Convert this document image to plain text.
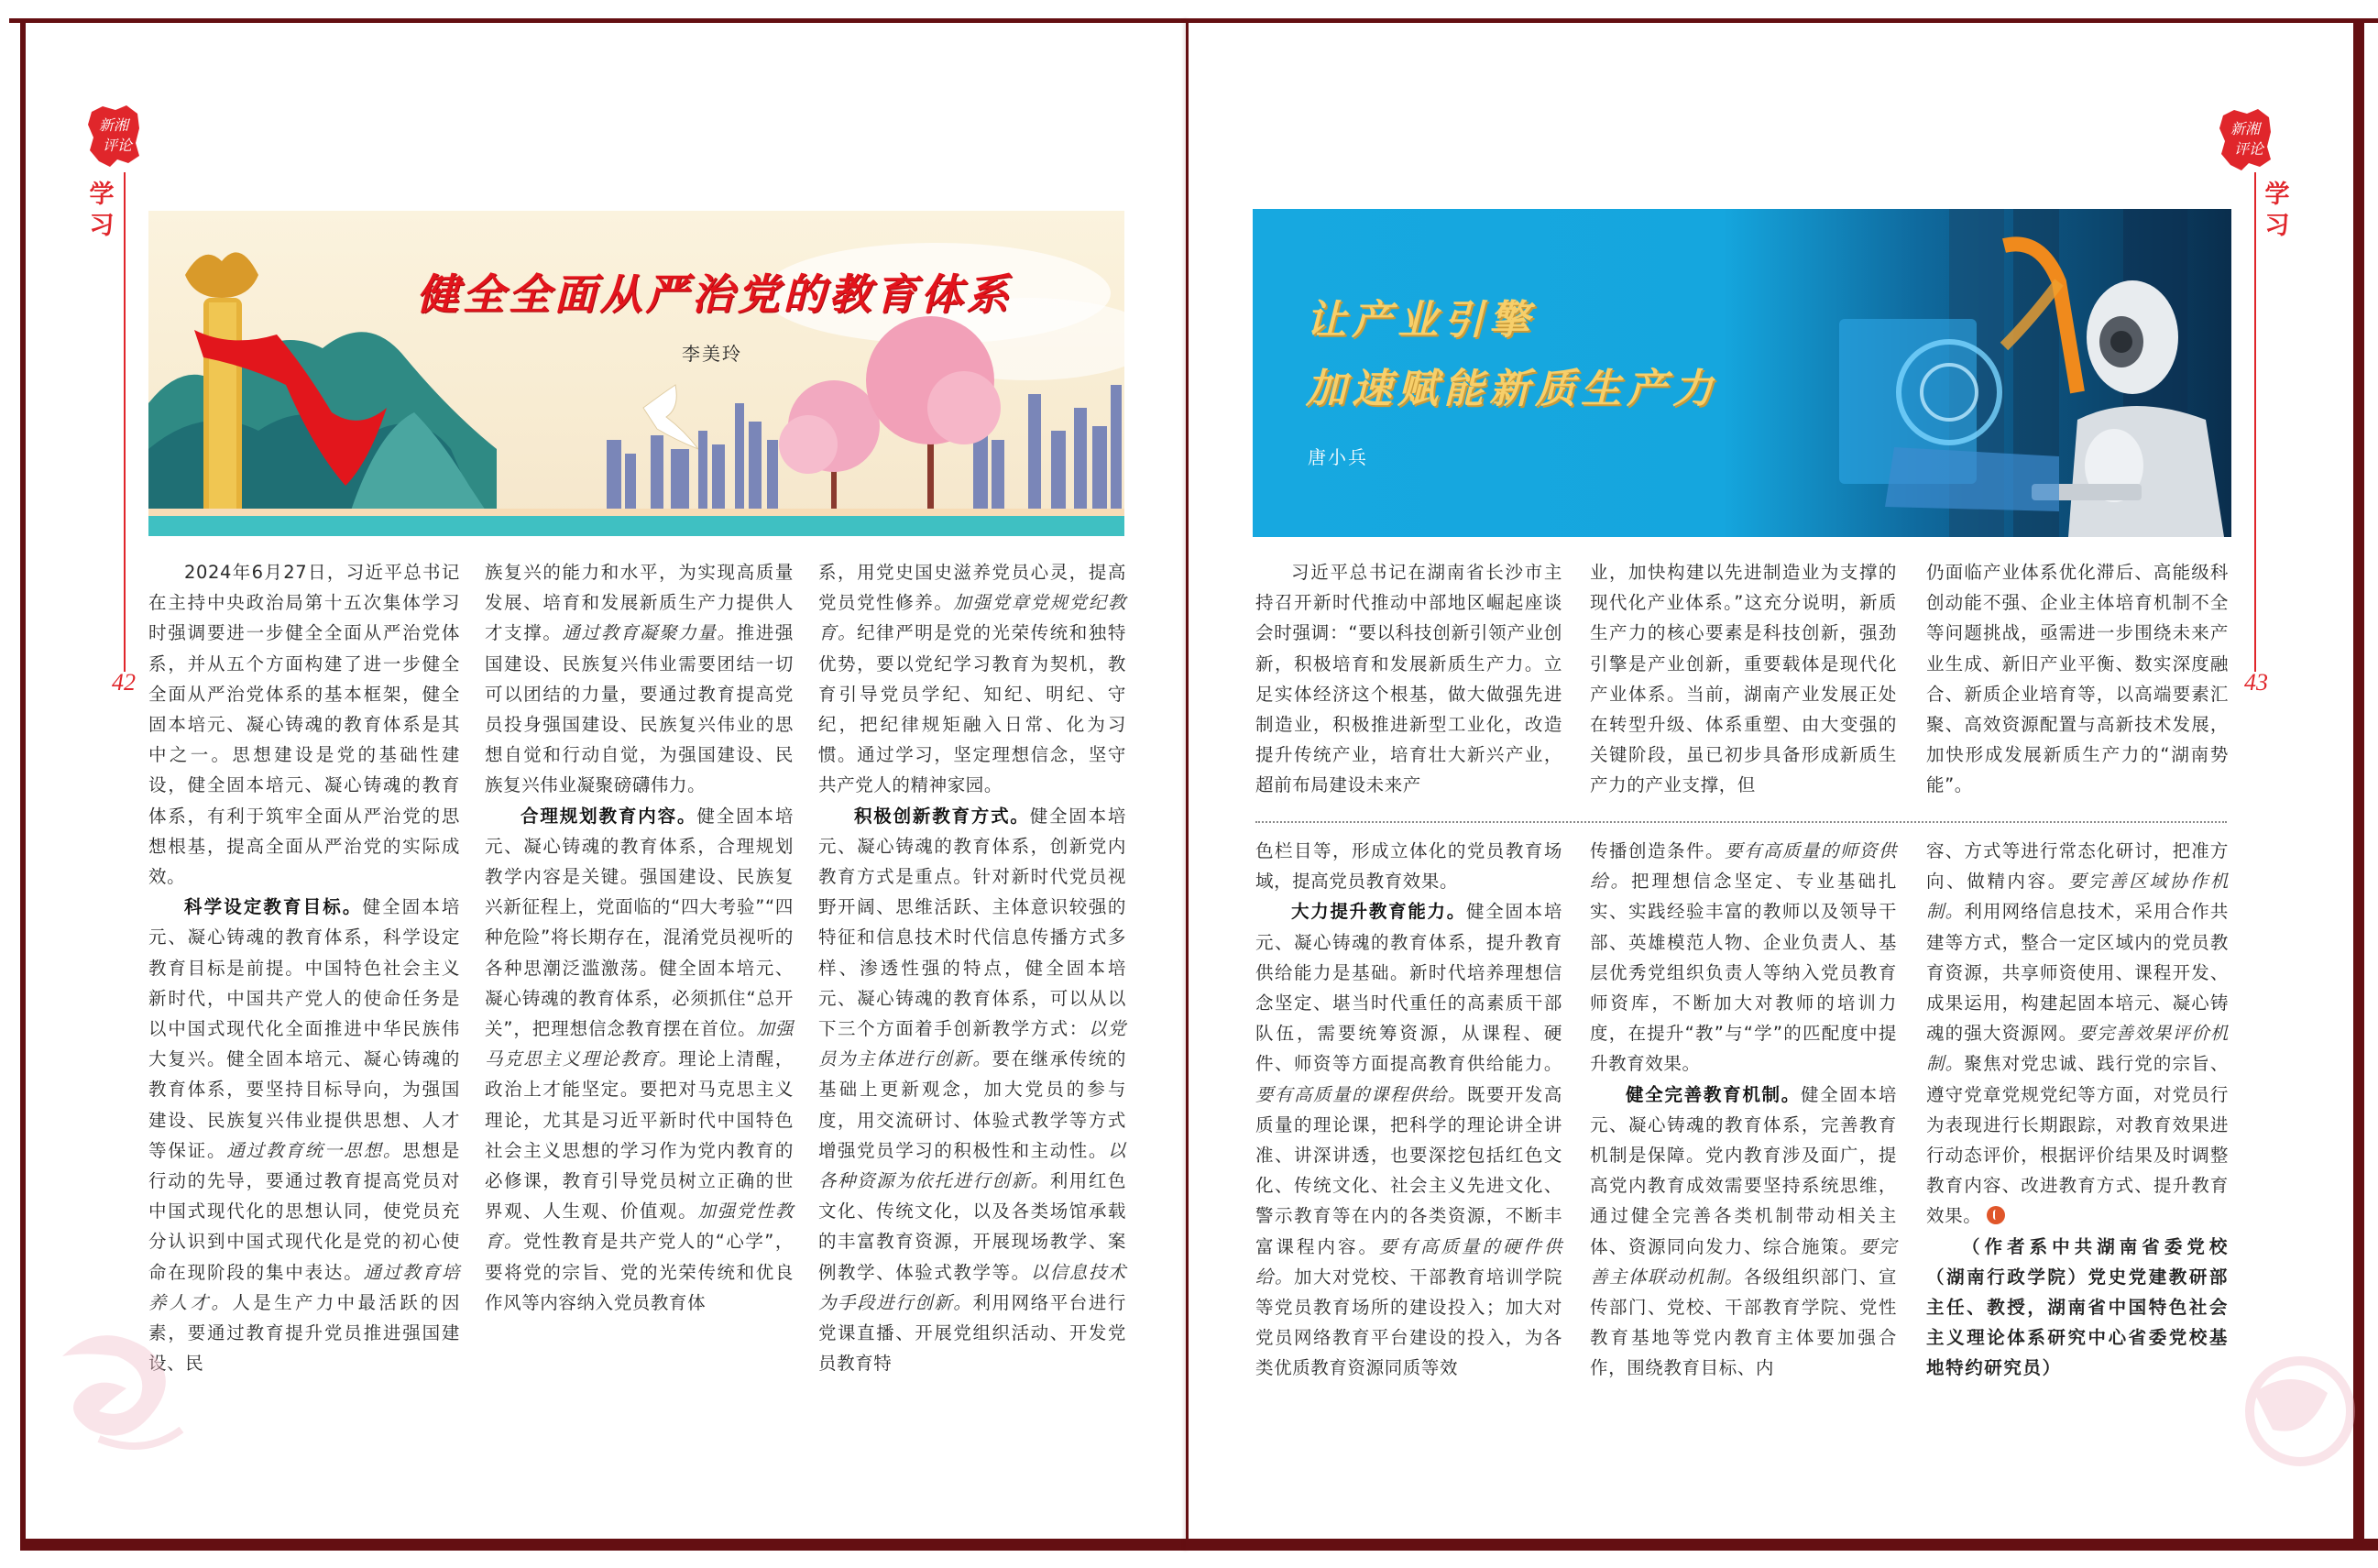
新湘
评论
学
习
42
新湘
评论
学
习
43
健全全面从严治党的教育体系
李美玲
让产业引擎
加速赋能新质生产力
唐小兵

2024年6月27日，习近平总书记在主持中央政治局第十五次集体学习时强调要进一步健全全面从严治党体系，并从五个方面构建了进一步健全全面从严治党体系的基本框架，健全固本培元、凝心铸魂的教育体系是其中之一。思想建设是党的基础性建设，健全固本培元、凝心铸魂的教育体系，有利于筑牢全面从严治党的思想根基，提高全面从严治党的实际成效。

科学设定教育目标。健全固本培元、凝心铸魂的教育体系，科学设定教育目标是前提。中国特色社会主义新时代，中国共产党人的使命任务是以中国式现代化全面推进中华民族伟大复兴。健全固本培元、凝心铸魂的教育体系，要坚持目标导向，为强国建设、民族复兴伟业提供思想、人才等保证。通过教育统一思想。思想是行动的先导，要通过教育提高党员对中国式现代化的思想认同，使党员充分认识到中国式现代化是党的初心使命在现阶段的集中表达。通过教育培养人才。人是生产力中最活跃的因素，要通过教育提升党员推进强国建设、民

族复兴的能力和水平，为实现高质量发展、培育和发展新质生产力提供人才支撑。通过教育凝聚力量。推进强国建设、民族复兴伟业需要团结一切可以团结的力量，要通过教育提高党员投身强国建设、民族复兴伟业的思想自觉和行动自觉，为强国建设、民族复兴伟业凝聚磅礴伟力。

合理规划教育内容。健全固本培元、凝心铸魂的教育体系，合理规划教学内容是关键。强国建设、民族复兴新征程上，党面临的“四大考验”“四种危险”将长期存在，混淆党员视听的各种思潮泛滥激荡。健全固本培元、凝心铸魂的教育体系，必须抓住“总开关”，把理想信念教育摆在首位。加强马克思主义理论教育。理论上清醒，政治上才能坚定。要把对马克思主义理论，尤其是习近平新时代中国特色社会主义思想的学习作为党内教育的必修课，教育引导党员树立正确的世界观、人生观、价值观。加强党性教育。党性教育是共产党人的“心学”，要将党的宗旨、党的光荣传统和优良作风等内容纳入党员教育体

系，用党史国史滋养党员心灵，提高党员党性修养。加强党章党规党纪教育。纪律严明是党的光荣传统和独特优势，要以党纪学习教育为契机，教育引导党员学纪、知纪、明纪、守纪，把纪律规矩融入日常、化为习惯。通过学习，坚定理想信念，坚守共产党人的精神家园。

积极创新教育方式。健全固本培元、凝心铸魂的教育体系，创新党内教育方式是重点。针对新时代党员视野开阔、思维活跃、主体意识较强的特征和信息技术时代信息传播方式多样、渗透性强的特点，健全固本培元、凝心铸魂的教育体系，可以从以下三个方面着手创新教学方式：以党员为主体进行创新。要在继承传统的基础上更新观念，加大党员的参与度，用交流研讨、体验式教学等方式增强党员学习的积极性和主动性。以各种资源为依托进行创新。利用红色文化、传统文化，以及各类场馆承载的丰富教育资源，开展现场教学、案例教学、体验式教学等。以信息技术为手段进行创新。利用网络平台进行党课直播、开展党组织活动、开发党员教育特

习近平总书记在湖南省长沙市主持召开新时代推动中部地区崛起座谈会时强调：“要以科技创新引领产业创新，积极培育和发展新质生产力。立足实体经济这个根基，做大做强先进制造业，积极推进新型工业化，改造提升传统产业，培育壮大新兴产业，超前布局建设未来产

业，加快构建以先进制造业为支撑的现代化产业体系。”这充分说明，新质生产力的核心要素是科技创新，强劲引擎是产业创新，重要载体是现代化产业体系。当前，湖南产业发展正处在转型升级、体系重塑、由大变强的关键阶段，虽已初步具备形成新质生产力的产业支撑，但

仍面临产业体系优化滞后、高能级科创动能不强、企业主体培育机制不全等问题挑战，亟需进一步围绕未来产业生成、新旧产业平衡、数实深度融合、新质企业培育等，以高端要素汇聚、高效资源配置与高新技术发展，加快形成发展新质生产力的“湖南势能”。

色栏目等，形成立体化的党员教育场域，提高党员教育效果。

大力提升教育能力。健全固本培元、凝心铸魂的教育体系，提升教育供给能力是基础。新时代培养理想信念坚定、堪当时代重任的高素质干部队伍，需要统筹资源，从课程、硬件、师资等方面提高教育供给能力。要有高质量的课程供给。既要开发高质量的理论课，把科学的理论讲全讲准、讲深讲透，也要深挖包括红色文化、传统文化、社会主义先进文化、警示教育等在内的各类资源，不断丰富课程内容。要有高质量的硬件供给。加大对党校、干部教育培训学院等党员教育场所的建设投入；加大对党员网络教育平台建设的投入，为各类优质教育资源同质等效

传播创造条件。要有高质量的师资供给。把理想信念坚定、专业基础扎实、实践经验丰富的教师以及领导干部、英雄模范人物、企业负责人、基层优秀党组织负责人等纳入党员教育师资库，不断加大对教师的培训力度，在提升“教”与“学”的匹配度中提升教育效果。

健全完善教育机制。健全固本培元、凝心铸魂的教育体系，完善教育机制是保障。党内教育涉及面广，提高党内教育成效需要坚持系统思维，通过健全完善各类机制带动相关主体、资源同向发力、综合施策。要完善主体联动机制。各级组织部门、宣传部门、党校、干部教育学院、党性教育基地等党内教育主体要加强合作，围绕教育目标、内

容、方式等进行常态化研讨，把准方向、做精内容。要完善区域协作机制。利用网络信息技术，采用合作共建等方式，整合一定区域内的党员教育资源，共享师资使用、课程开发、成果运用，构建起固本培元、凝心铸魂的强大资源网。要完善效果评价机制。聚焦对党忠诚、践行党的宗旨、遵守党章党规党纪等方面，对党员行为表现进行长期跟踪，对教育效果进行动态评价，根据评价结果及时调整教育内容、改进教育方式、提升教育效果。

（作者系中共湖南省委党校（湖南行政学院）党史党建教研部主任、教授，湖南省中国特色社会主义理论体系研究中心省委党校基地特约研究员）
